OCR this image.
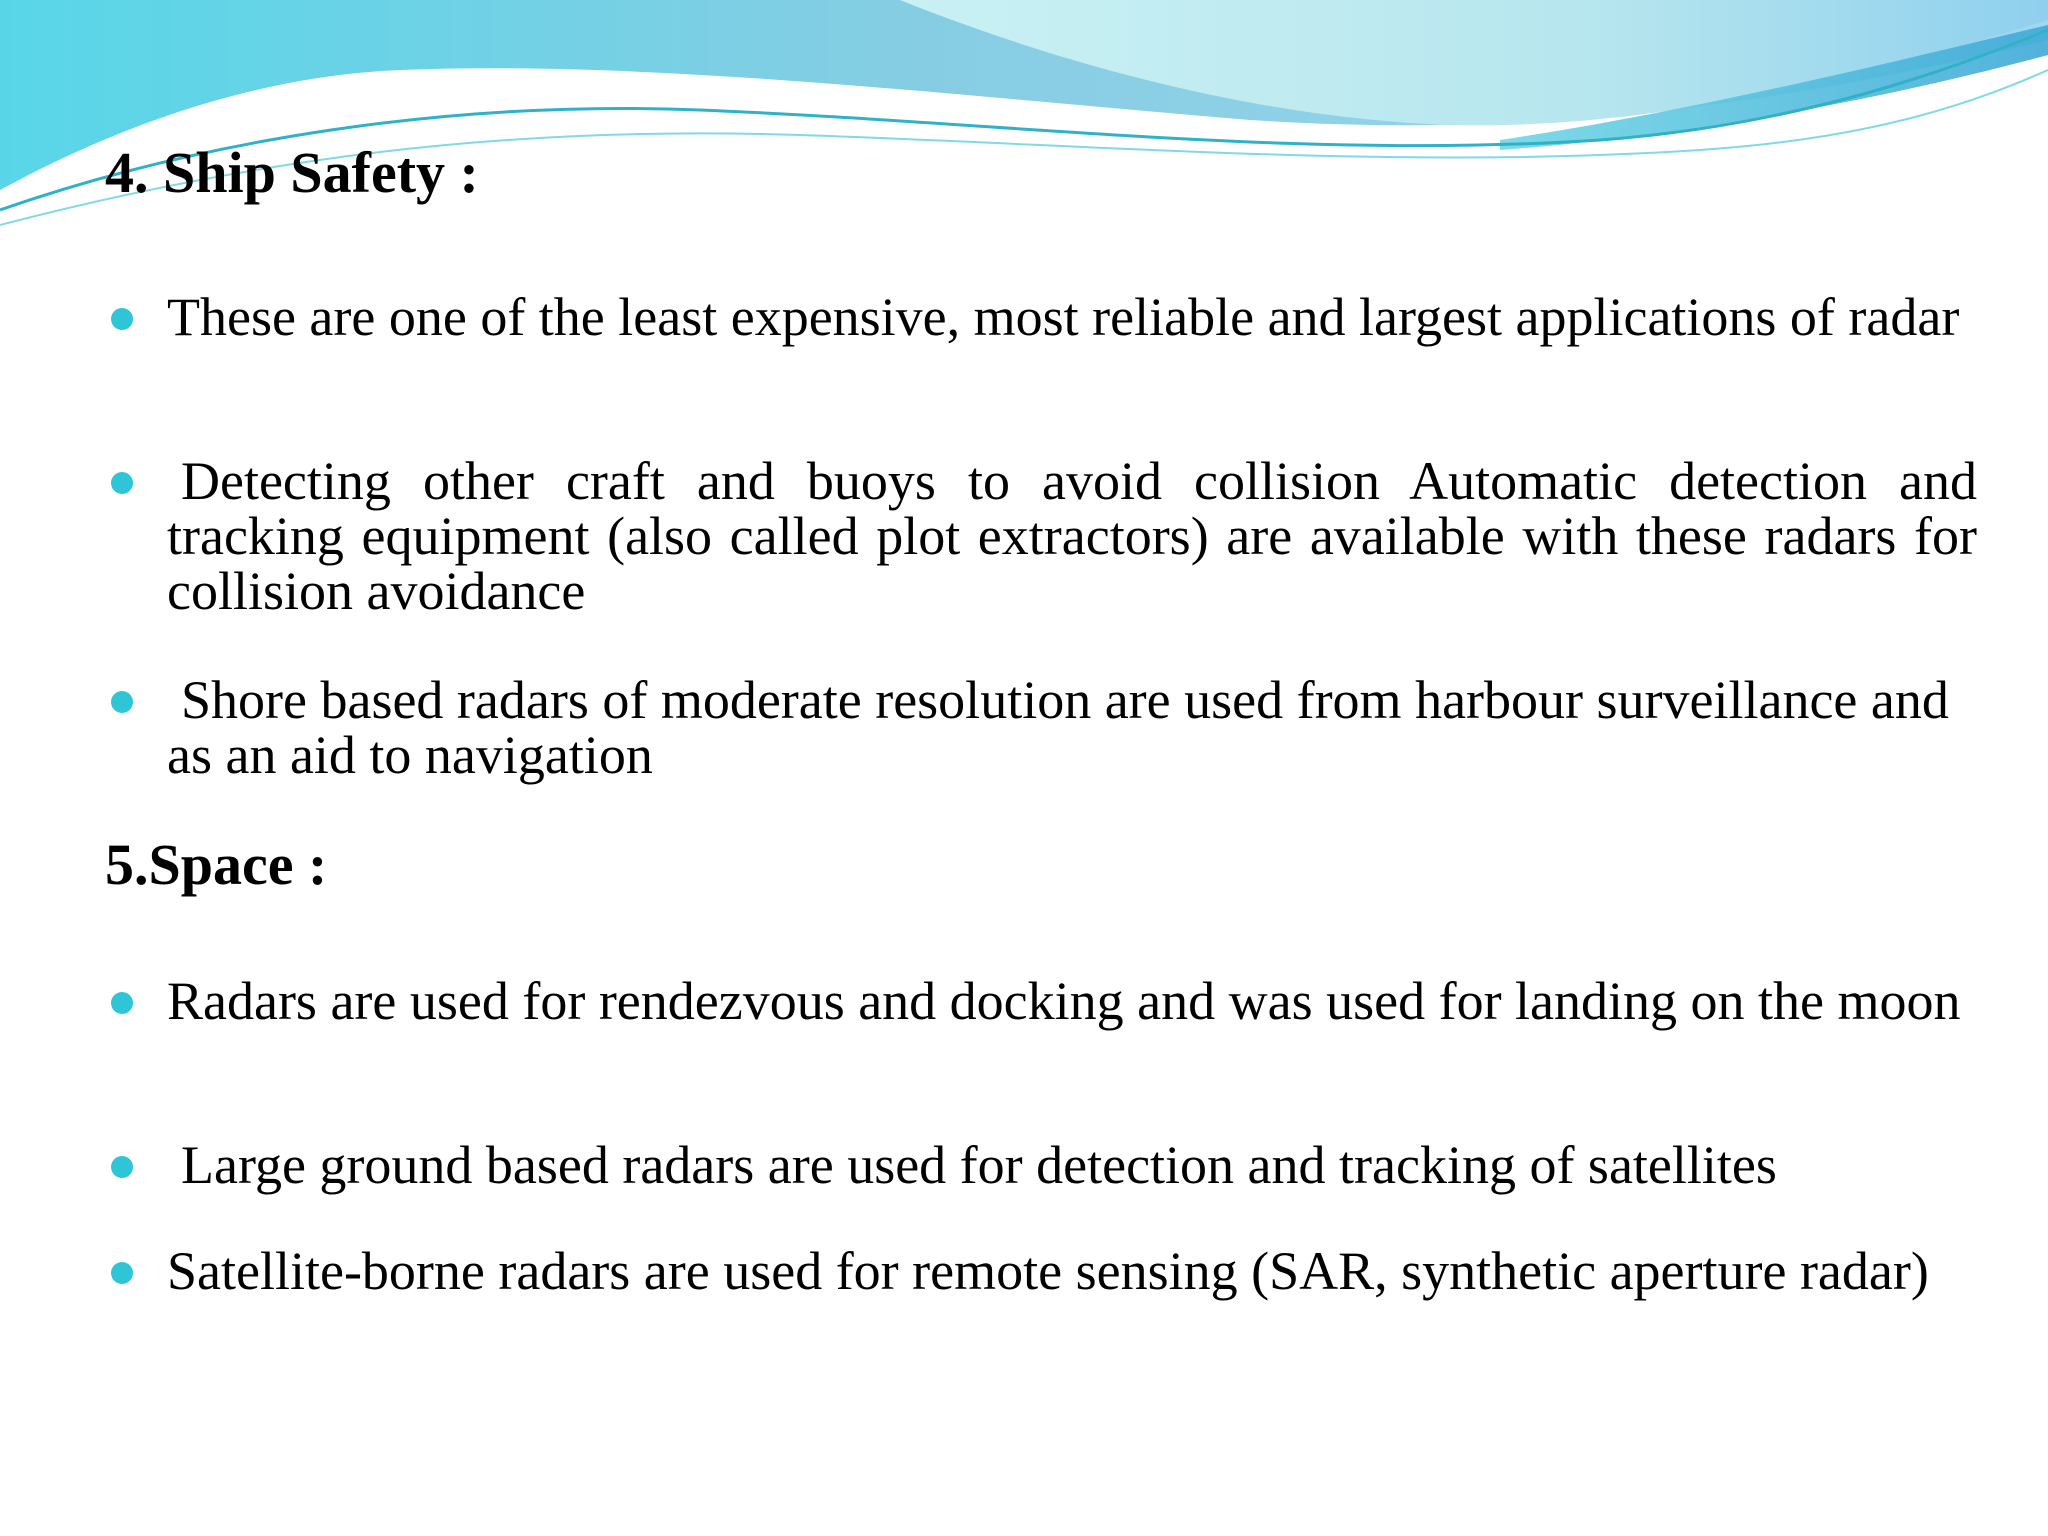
4. Ship Safety :

These are one of the least expensive, most reliable and largest applications of radar

Detecting other craft and buoys to avoid collision Automatic detection and tracking equipment (also called plot extractors) are available with these radars for collision avoidance

Shore based radars of moderate resolution are used from harbour surveillance and as an aid to navigation

5.Space :

Radars are used for rendezvous and docking and was used for landing on the moon

Large ground based radars are used for detection and tracking of satellites

Satellite-borne radars are used for remote sensing (SAR, synthetic aperture radar)
